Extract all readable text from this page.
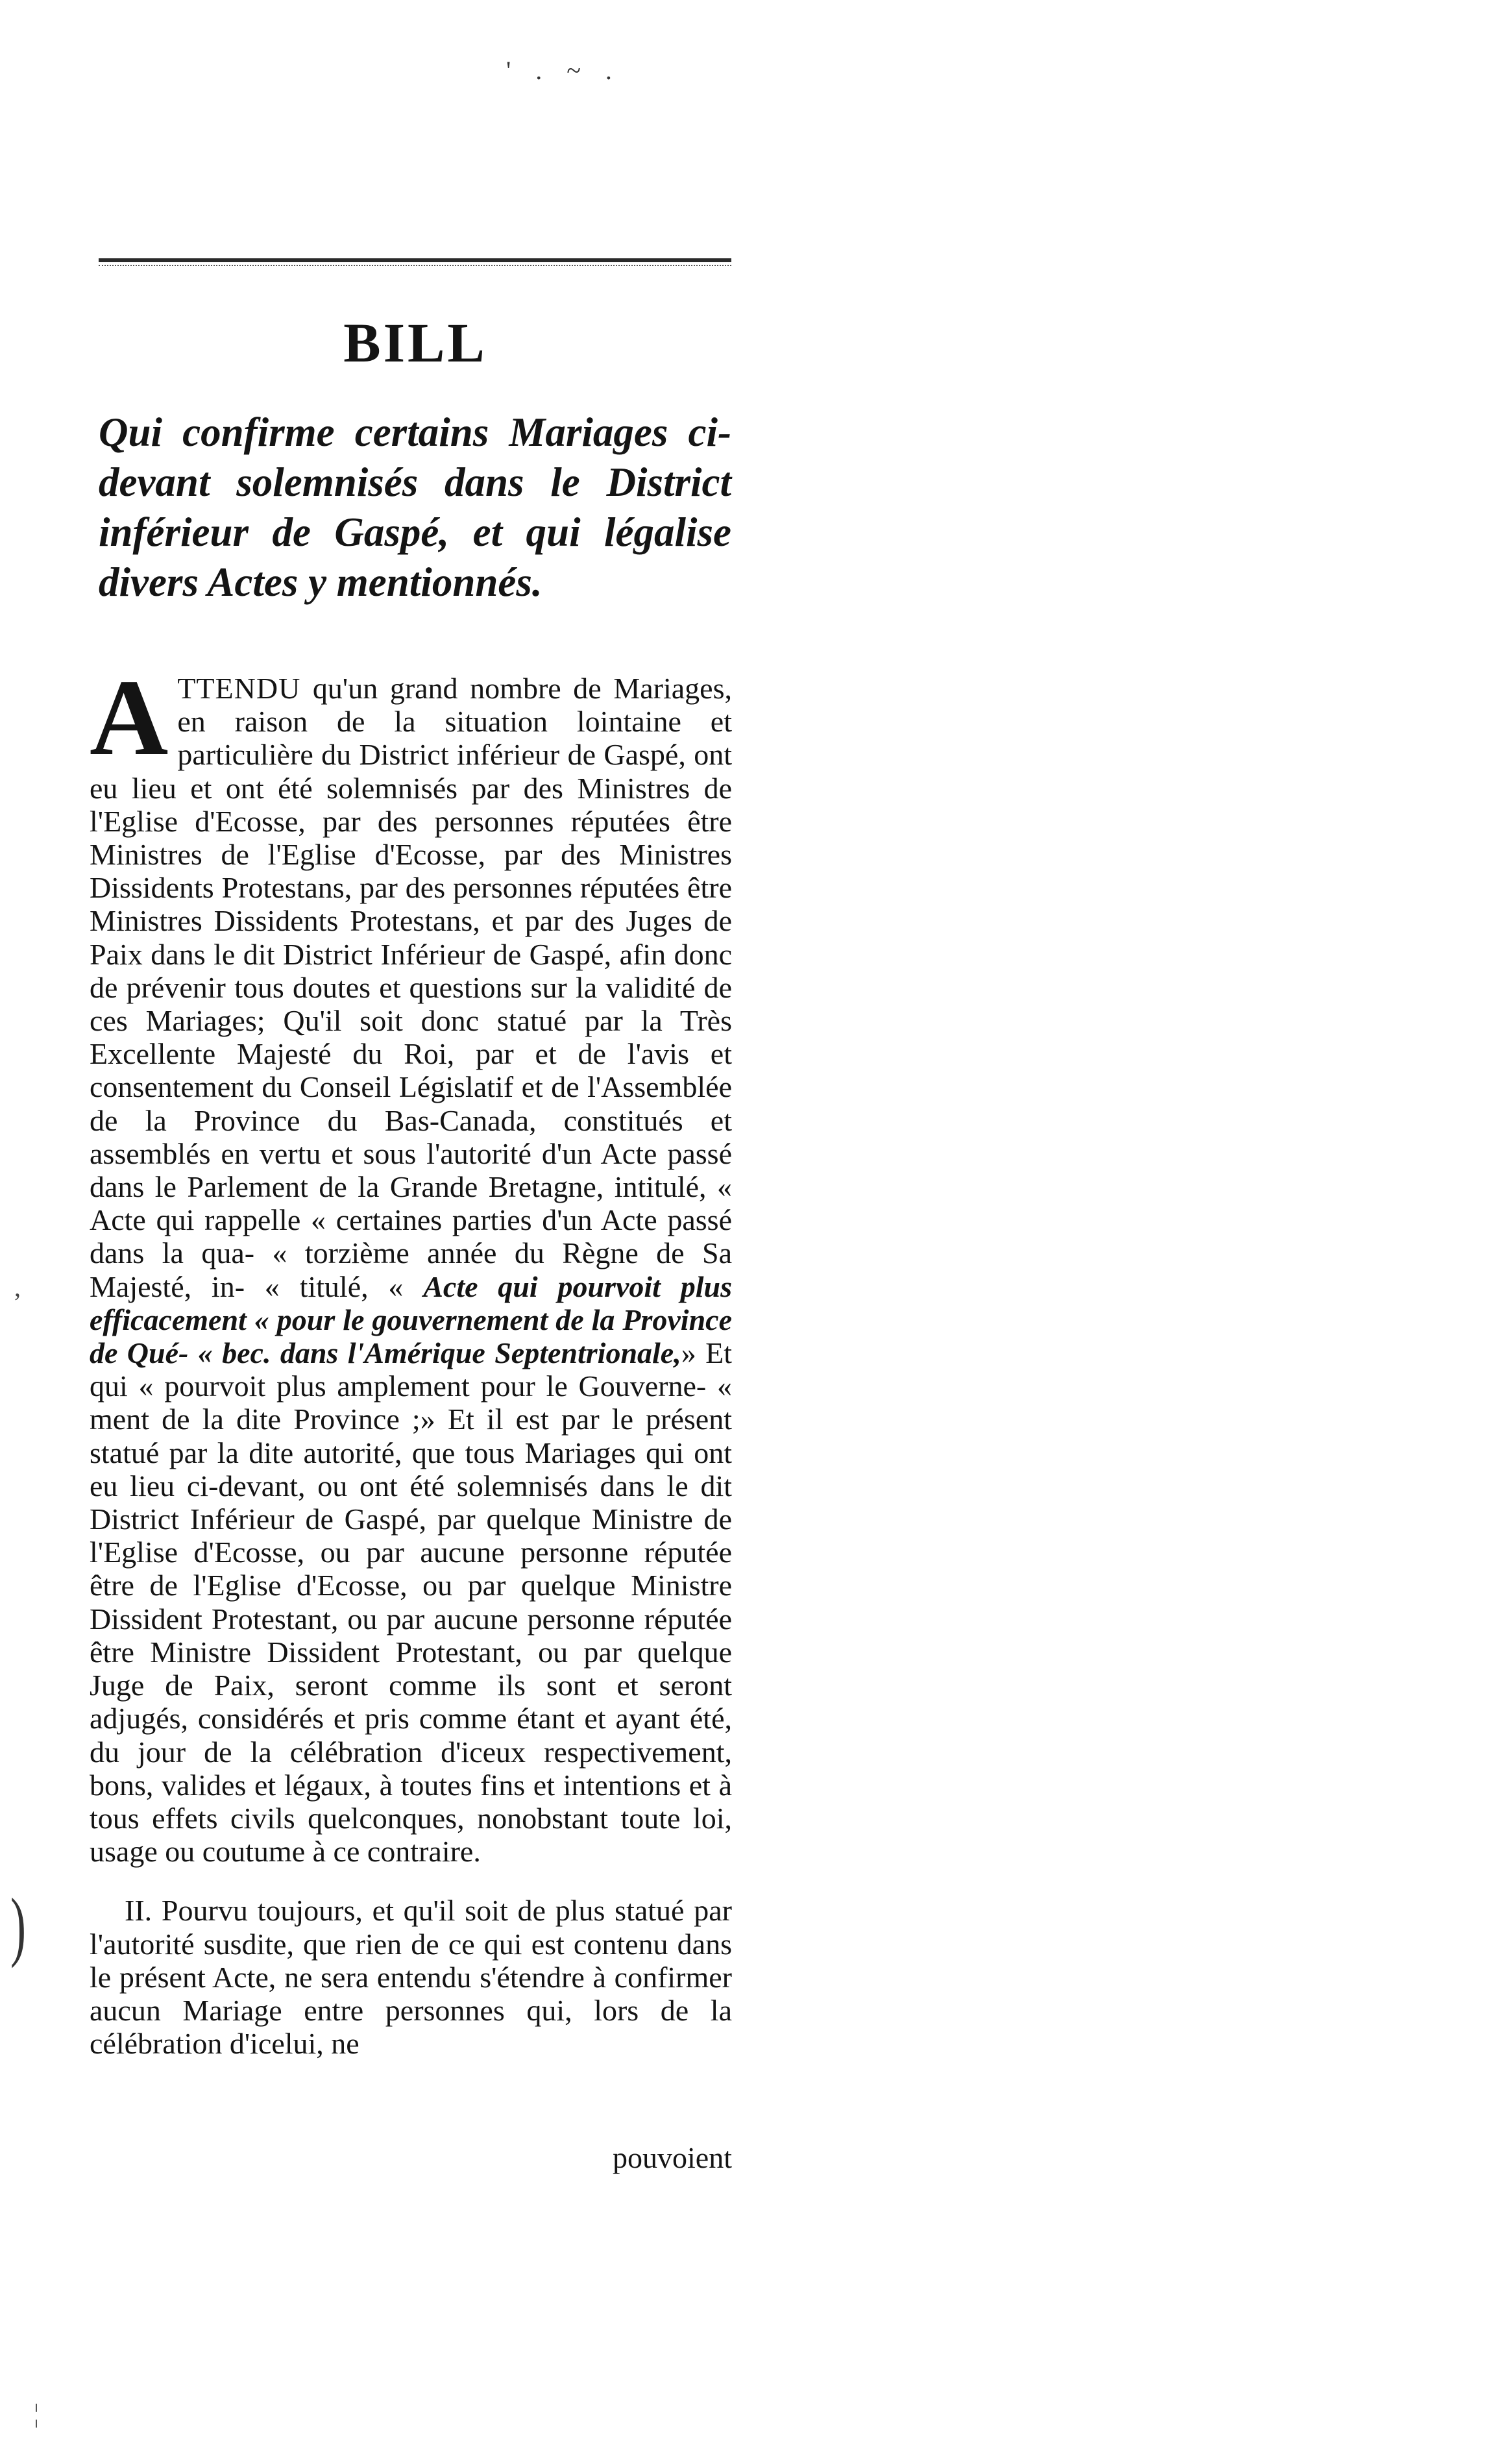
' . ~ .
BILL
Qui confirme certains Mariages ci-devant solemnisés dans le District inférieur de Gaspé, et qui légalise divers Actes y mentionnés.

ATTENDU qu'un grand nombre de Mariages, en raison de la situation lointaine et particulière du District inférieur de Gaspé, ont eu lieu et ont été solemnisés par des Ministres de l'Eglise d'Ecosse, par des personnes réputées être Ministres de l'Eglise d'Ecosse, par des Ministres Dissidents Protestans, par des personnes réputées être Ministres Dissidents Protestans, et par des Juges de Paix dans le dit District Inférieur de Gaspé, afin donc de prévenir tous doutes et questions sur la validité de ces Mariages; Qu'il soit donc statué par la Très Excellente Majesté du Roi, par et de l'avis et consentement du Conseil Législatif et de l'Assemblée de la Province du Bas-Canada, constitués et assemblés en vertu et sous l'autorité d'un Acte passé dans le Parlement de la Grande Bretagne, intitulé, « Acte qui rappelle « certaines parties d'un Acte passé dans la qua- « torzième année du Règne de Sa Majesté, in- « titulé, « Acte qui pourvoit plus efficacement « pour le gouvernement de la Province de Qué- « bec. dans l'Amérique Septentrionale,» Et qui « pourvoit plus amplement pour le Gouverne- « ment de la dite Province ;» Et il est par le présent statué par la dite autorité, que tous Mariages qui ont eu lieu ci-devant, ou ont été solemnisés dans le dit District Inférieur de Gaspé, par quelque Ministre de l'Eglise d'Ecosse, ou par aucune personne réputée être de l'Eglise d'Ecosse, ou par quelque Ministre Dissident Protestant, ou par aucune personne réputée être Ministre Dissident Protestant, ou par quelque Juge de Paix, seront comme ils sont et seront adjugés, considérés et pris comme étant et ayant été, du jour de la célébration d'iceux respectivement, bons, valides et légaux, à toutes fins et intentions et à tous effets civils quelconques, nonobstant toute loi, usage ou coutume à ce contraire.

II. Pourvu toujours, et qu'il soit de plus statué par l'autorité susdite, que rien de ce qui est contenu dans le présent Acte, ne sera entendu s'étendre à confirmer aucun Mariage entre personnes qui, lors de la célébration d'icelui, ne

pouvoient
‚
)
¦
